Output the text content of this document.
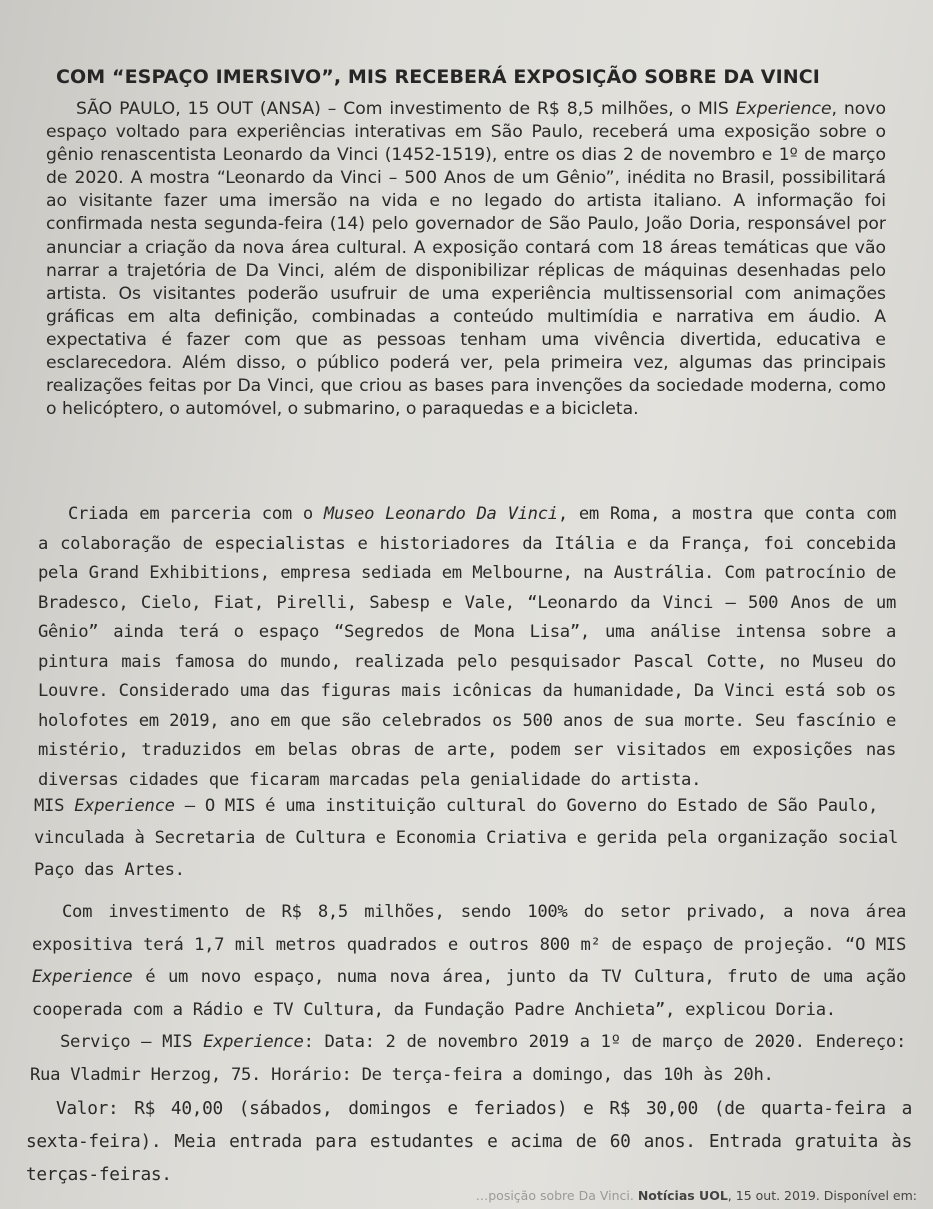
COM “ESPAÇO IMERSIVO”, MIS RECEBERÁ EXPOSIÇÃO SOBRE DA VINCI

SÃO PAULO, 15 OUT (ANSA) – Com investimento de R$ 8,5 milhões, o MIS Experience, novo espaço voltado para experiências interativas em São Paulo, receberá uma exposição sobre o gênio renascentista Leonardo da Vinci (1452-1519), entre os dias 2 de novembro e 1º de março de 2020. A mostra “Leonardo da Vinci – 500 Anos de um Gênio”, inédita no Brasil, possibilitará ao visitante fazer uma imersão na vida e no legado do artista italiano. A informação foi confirmada nesta segunda-feira (14) pelo governador de São Paulo, João Doria, responsável por anunciar a criação da nova área cultural. A exposição contará com 18 áreas temáticas que vão narrar a trajetória de Da Vinci, além de disponibilizar réplicas de máquinas desenhadas pelo artista. Os visitantes poderão usufruir de uma experiência multissensorial com animações gráficas em alta definição, combinadas a conteúdo multimídia e narrativa em áudio. A expectativa é fazer com que as pessoas tenham uma vivência divertida, educativa e esclarecedora. Além disso, o público poderá ver, pela primeira vez, algumas das principais realizações feitas por Da Vinci, que criou as bases para invenções da sociedade moderna, como o helicóptero, o automóvel, o submarino, o paraquedas e a bicicleta.

Criada em parceria com o Museo Leonardo Da Vinci, em Roma, a mostra que conta com a colaboração de especialistas e historiadores da Itália e da França, foi concebida pela Grand Exhibitions, empresa sediada em Melbourne, na Austrália. Com patrocínio de Bradesco, Cielo, Fiat, Pirelli, Sabesp e Vale, “Leonardo da Vinci – 500 Anos de um Gênio” ainda terá o espaço “Segredos de Mona Lisa”, uma análise intensa sobre a pintura mais famosa do mundo, realizada pelo pesquisador Pascal Cotte, no Museu do Louvre. Considerado uma das figuras mais icônicas da humanidade, Da Vinci está sob os holofotes em 2019, ano em que são celebrados os 500 anos de sua morte. Seu fascínio e mistério, traduzidos em belas obras de arte, podem ser visitados em exposições nas diversas cidades que ficaram marcadas pela genialidade do artista.

MIS Experience – O MIS é uma instituição cultural do Governo do Estado de São Paulo, vinculada à Secretaria de Cultura e Economia Criativa e gerida pela organização social Paço das Artes.

Com investimento de R$ 8,5 milhões, sendo 100% do setor privado, a nova área expositiva terá 1,7 mil metros quadrados e outros 800 m² de espaço de projeção. “O MIS Experience é um novo espaço, numa nova área, junto da TV Cultura, fruto de uma ação cooperada com a Rádio e TV Cultura, da Fundação Padre Anchieta”, explicou Doria.

Serviço – MIS Experience: Data: 2 de novembro 2019 a 1º de março de 2020. Endereço: Rua Vladmir Herzog, 75. Horário: De terça-feira a domingo, das 10h às 20h.

Valor: R$ 40,00 (sábados, domingos e feriados) e R$ 30,00 (de quarta-feira a sexta-feira). Meia entrada para estudantes e acima de 60 anos. Entrada gratuita às terças-feiras.

…posição sobre Da Vinci. Notícias UOL, 15 out. 2019. Disponível em:
